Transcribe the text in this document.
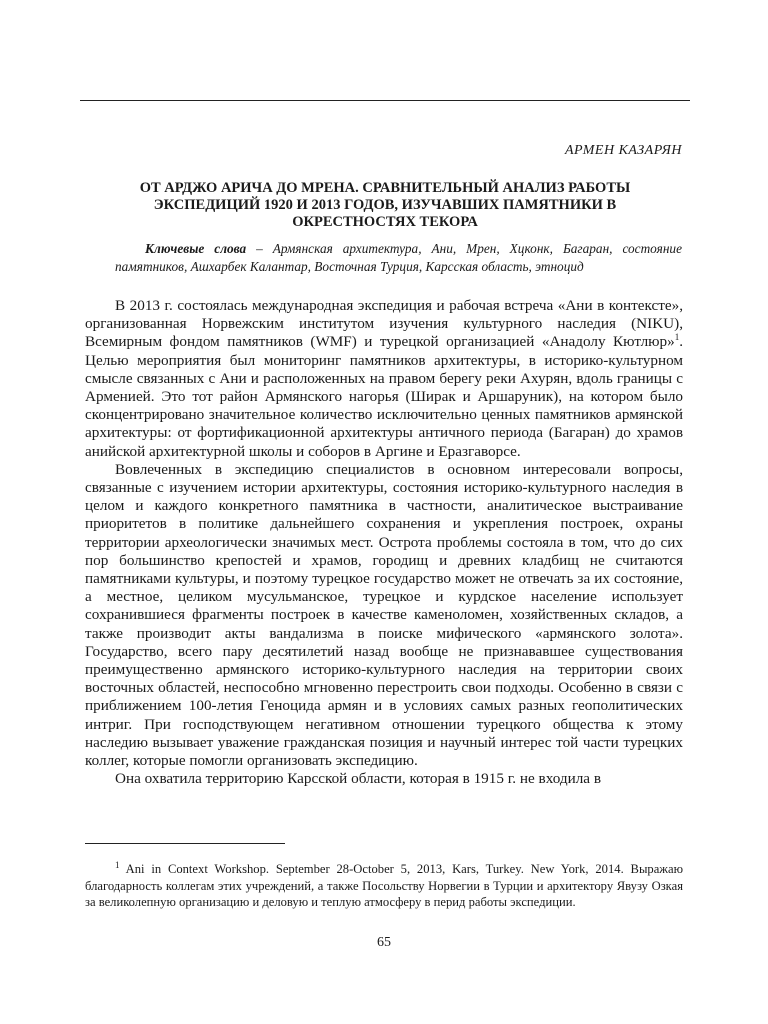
АРМЕН КАЗАРЯН
ОТ АРДЖО АРИЧА ДО МРЕНА. СРАВНИТЕЛЬНЫЙ АНАЛИЗ РАБОТЫ ЭКСПЕДИЦИЙ 1920 И 2013 ГОДОВ, ИЗУЧАВШИХ ПАМЯТНИКИ В ОКРЕСТНОСТЯХ ТЕКОРА

Ключевые слова – Армянская архитектура, Ани, Мрен, Хцконк, Багаран, состояние памятников, Ашхарбек Калантар, Восточная Турция, Карсская область, этноцид

В 2013 г. состоялась международная экспедиция и рабочая встреча «Ани в контексте», организованная Норвежским институтом изучения культурного наследия (NIKU), Всемирным фондом памятников (WMF) и турецкой организацией «Анадолу Кютлюр»$^1$. Целью мероприятия был мониторинг памятников архитектуры, в историко-культурном смысле связанных с Ани и расположенных на правом берегу реки Ахурян, вдоль границы с Арменией. Это тот район Армянского нагорья (Ширак и Аршаруник), на котором было сконцентрировано значительное количество исключительно ценных памятников армянской архитектуры: от фортификационной архитектуры античного периода (Багаран) до храмов анийской архитектурной школы и соборов в Аргине и Еразгаворсе.

Вовлеченных в экспедицию специалистов в основном интересовали вопросы, связанные с изучением истории архитектуры, состояния историко-культурного наследия в целом и каждого конкретного памятника в частности, аналитическое выстраивание приоритетов в политике дальнейшего сохранения и укрепления построек, охраны территории археологически значимых мест. Острота проблемы состояла в том, что до сих пор большинство крепостей и храмов, городищ и древних кладбищ не считаются памятниками культуры, и поэтому турецкое государство может не отвечать за их состояние, а местное, целиком мусульманское, турецкое и курдское население использует сохранившиеся фрагменты построек в качестве каменоломен, хозяйственных складов, а также производит акты вандализма в поиске мифического «армянского золота». Государство, всего пару десятилетий назад вообще не признававшее существования преимущественно армянского историко-культурного наследия на территории своих восточных областей, неспособно мгновенно перестроить свои подходы. Особенно в связи с приближением 100-летия Геноцида армян и в условиях самых разных геополитических интриг. При господствующем негативном отношении турецкого общества к этому наследию вызывает уважение гражданская позиция и научный интерес той части турецких коллег, которые помогли организовать экспедицию.

Она охватила территорию Карсской области, которая в 1915 г. не входила в

$^1$ Ani in Context Workshop. September 28-October 5, 2013, Kars, Turkey. New York, 2014. Выражаю благодарность коллегам этих учреждений, а также Посольству Норвегии в Турции и архитектору Явузу Озкая за великолепную организацию и деловую и теплую атмосферу в перид работы экспедиции.

65
